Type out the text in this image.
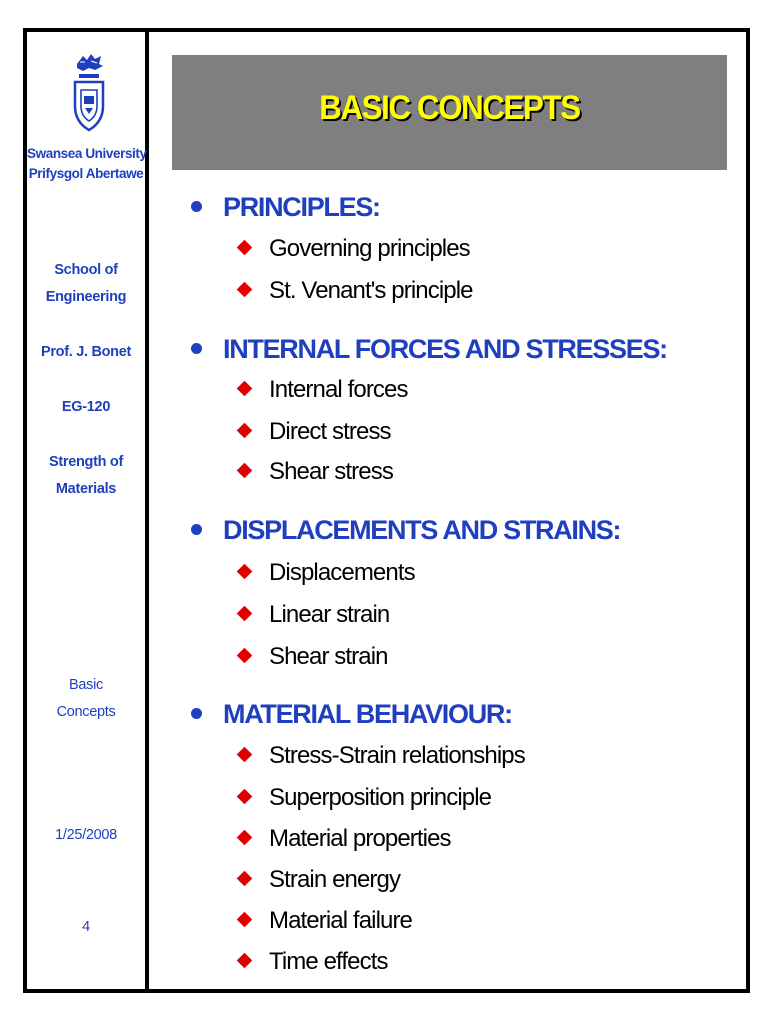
Swansea University
Prifysgol Abertawe
School of Engineering
Prof. J. Bonet
EG-120
Strength of Materials
Basic Concepts
1/25/2008
4
BASIC CONCEPTS
PRINCIPLES:
Governing principles
St. Venant's principle
INTERNAL FORCES AND STRESSES:
Internal forces
Direct stress
Shear stress
DISPLACEMENTS AND STRAINS:
Displacements
Linear strain
Shear strain
MATERIAL BEHAVIOUR:
Stress-Strain relationships
Superposition principle
Material properties
Strain energy
Material failure
Time effects
